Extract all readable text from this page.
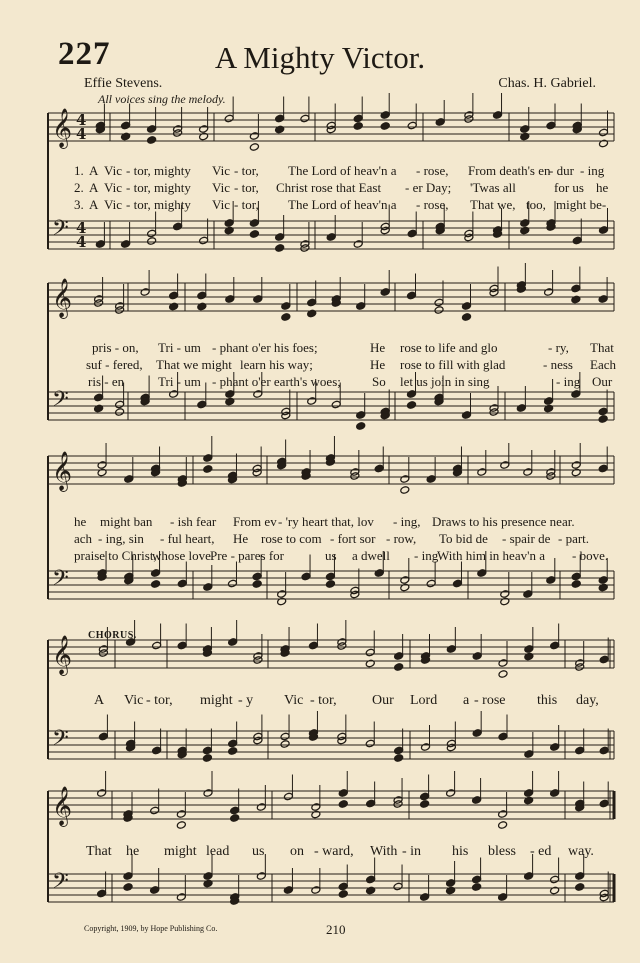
227	A Mighty Victor.
Effie Stevens.	Chas. H. Gabriel.
All voices sing the melody.
𝄞
𝄢
𝄞
𝄢
𝄞
𝄢
𝄞
𝄢
𝄞
𝄢
4
4
4
4
1. A Vic - tor, mighty Vic - tor, The Lord of heav'n a - rose, From death's en
- dur - ing
2. A Vic - tor, mighty Vic - tor, Christ rose that East - er Day; 'Twas all	for us he
3. A Vic - tor, mighty Vic - tor, The Lord of heav'n a - rose, That we, too, might be-
pris - on, Tri - um - phant o'er his foes;	He rose to life and glo	- ry, That
suf - fered, That we might learn his way;	He rose to fill with glad	- ness Each
ris - en	Tri - um - phant o'er earth's woes; So let us join in sing	- ing Our
he might ban - ish fear From ev - 'ry heart that, lov - ing, Draws to his presence near.
ach - ing, sin - ful heart, He rose to com - fort sor - row, To bid de - spair de - part.
praise to Christ,
whose love Pre - pares for	us a dwell - ing
With him in heav'n a - bove.
CHORUS.
A Vic - tor, might - y Vic - tor,	Our Lord a - rose this day,
That he might lead us on - ward, With - in his bless - ed way.
Copyright, 1909, by Hope Publishing Co.	210
